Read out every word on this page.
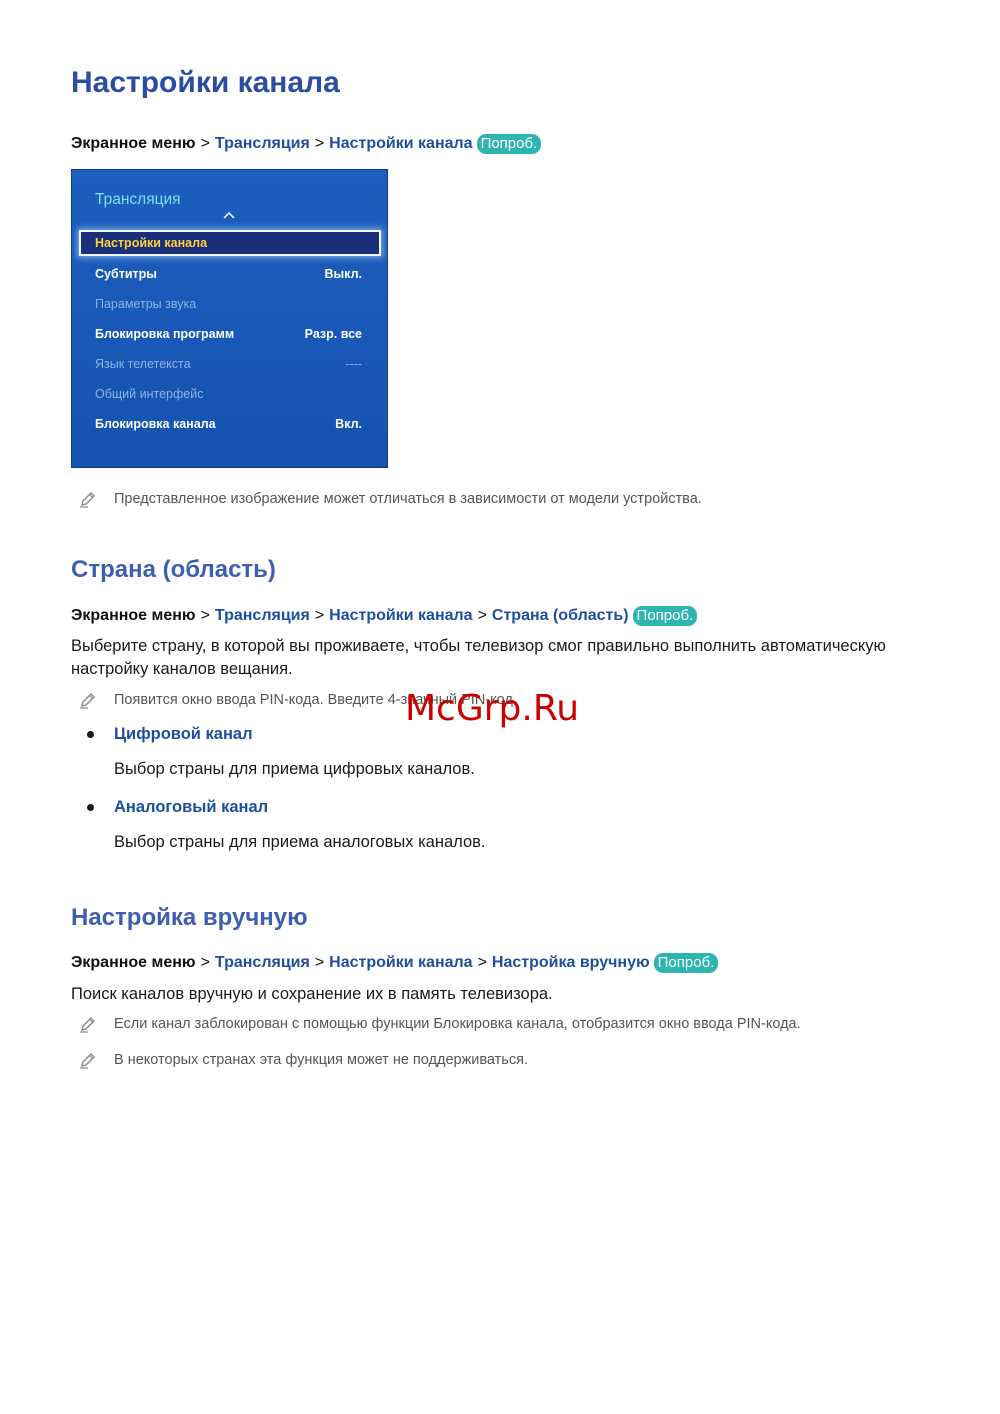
Настройки канала
Экранное меню > Трансляция > Настройки канала Попроб.
Трансляция
Настройки канала
Субтитры	Выкл.
Параметры звука
Блокировка программ	Разр. все
Язык телетекста	----
Общий интерфейс
Блокировка канала	Вкл.
Представленное изображение может отличаться в зависимости от модели устройства.
Страна (область)
Экранное меню > Трансляция > Настройки канала > Страна (область) Попроб.

Выберите страну, в которой вы проживаете, чтобы телевизор смог правильно выполнить автоматическую настройку каналов вещания.

Появится окно ввода PIN-кода. Введите 4-значный PIN-код.
Цифровой канал
Выбор страны для приема цифровых каналов.
Аналоговый канал
Выбор страны для приема аналоговых каналов.
Настройка вручную
Экранное меню > Трансляция > Настройки канала > Настройка вручную Попроб.

Поиск каналов вручную и сохранение их в память телевизора.

Если канал заблокирован с помощью функции Блокировка канала, отобразится окно ввода PIN-кода.
В некоторых странах эта функция может не поддерживаться.
McGrp.Ru
